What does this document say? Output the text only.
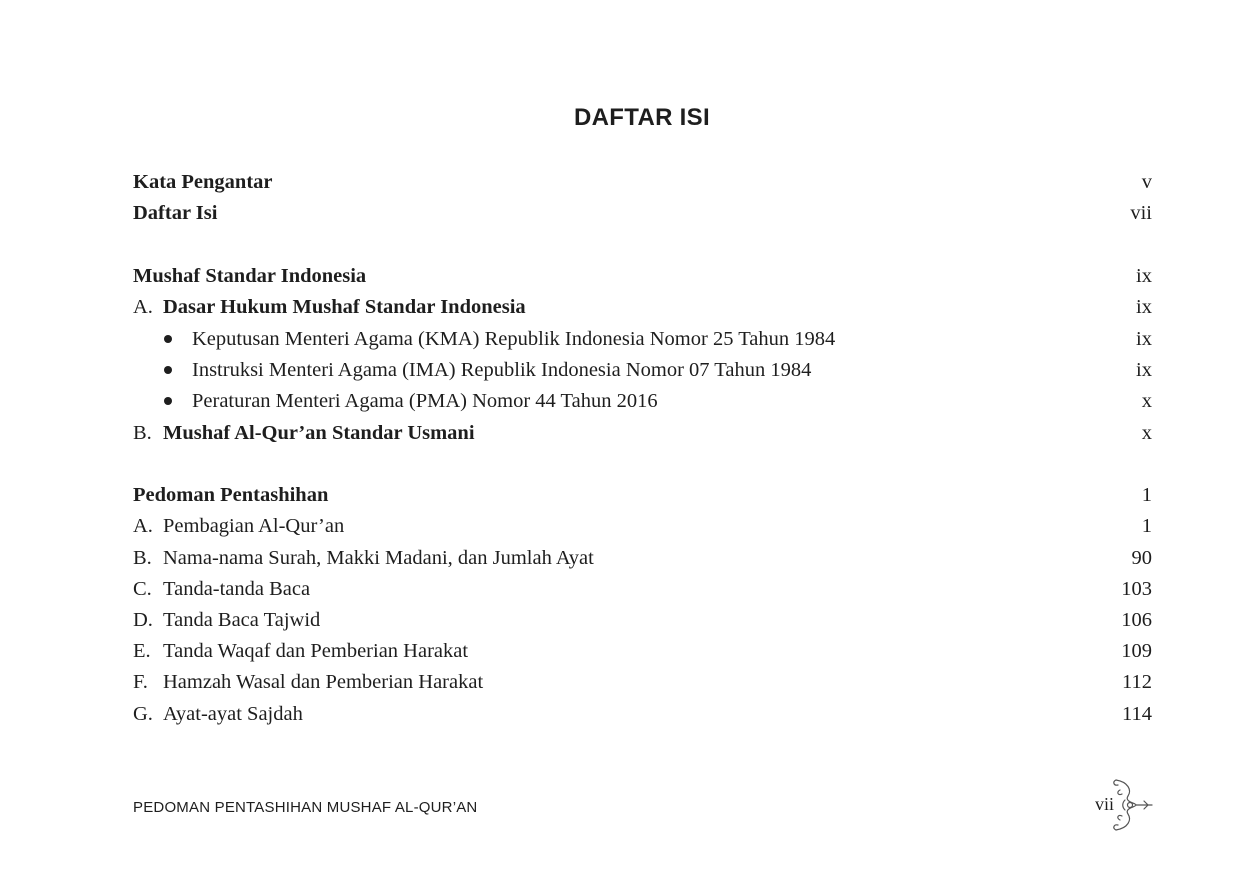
DAFTAR ISI
Kata Pengantar	v
Daftar Isi	vii
Mushaf Standar Indonesia	ix
A. Dasar Hukum Mushaf Standar Indonesia	ix
Keputusan Menteri Agama (KMA) Republik Indonesia Nomor 25 Tahun 1984	ix
Instruksi Menteri Agama (IMA) Republik Indonesia Nomor 07 Tahun 1984	ix
Peraturan Menteri Agama (PMA) Nomor 44 Tahun 2016	x
B. Mushaf Al-Qur’an Standar Usmani	x
Pedoman Pentashihan	1
A. Pembagian Al-Qur’an	1
B. Nama-nama Surah, Makki Madani, dan Jumlah Ayat	90
C. Tanda-tanda Baca	103
D. Tanda Baca Tajwid	106
E. Tanda Waqaf dan Pemberian Harakat	109
F. Hamzah Wasal dan Pemberian Harakat	112
G. Ayat-ayat Sajdah	114
PEDOMAN PENTASHIHAN MUSHAF AL-QUR’AN	vii
